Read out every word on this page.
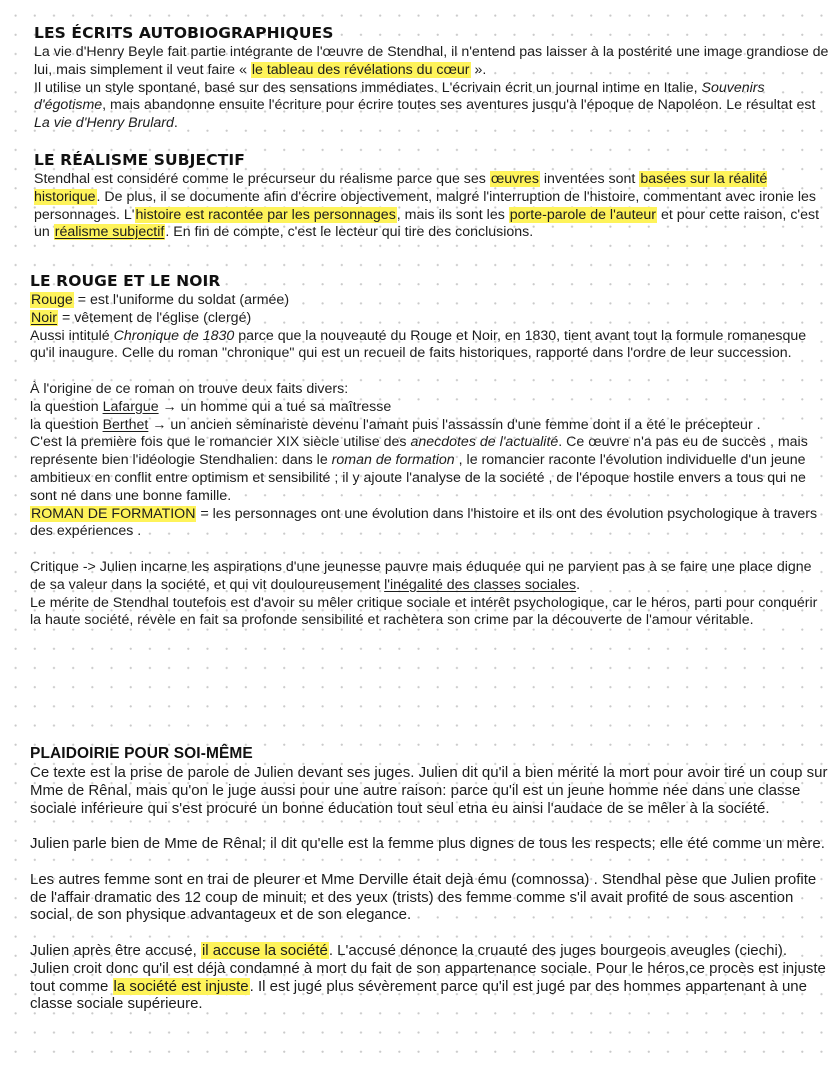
LES ÉCRITS AUTOBIOGRAPHIQUES

La vie d'Henry Beyle fait partie intégrante de l'œuvre de Stendhal, il n'entend pas laisser à la postérité une image grandiose de lui, mais simplement il veut faire « le tableau des révélations du cœur ».

Il utilise un style spontané, basé sur des sensations immédiates. L'écrivain écrit un journal intime en Italie, Souvenirs d'égotisme, mais abandonne ensuite l'écriture pour écrire toutes ses aventures jusqu'à l'époque de Napoléon. Le résultat est La vie d'Henry Brulard.

LE RÉALISME SUBJECTIF

Stendhal est considéré comme le précurseur du réalisme parce que ses œuvres inventées sont basées sur la réalité historique. De plus, il se documente afin d'écrire objectivement, malgré l'interruption de l'histoire, commentant avec ironie les personnages. L'histoire est racontée par les personnages, mais ils sont les porte-parole de l'auteur et pour cette raison, c'est un réalisme subjectif. En fin de compte, c'est le lecteur qui tire des conclusions.

LE ROUGE ET LE NOIR

Rouge = est l'uniforme du soldat (armée)

Noir = vêtement de l'église (clergé)

Aussi intitulé Chronique de 1830 parce que la nouveauté du Rouge et Noir, en 1830, tient avant tout la formule romanesque qu'il inaugure. Celle du roman "chronique" qui est un recueil de faits historiques, rapporté dans l'ordre de leur succession.

À l'origine de ce roman on trouve deux faits divers:

la question Lafargue → un homme qui a tué sa maîtresse

la question Berthet → un ancien séminariste devenu l'amant puis l'assassin d'une femme dont il a été le précepteur .

C'est la première fois que le romancier XIX siècle utilise des anecdotes de l'actualité. Ce œuvre n'a pas eu de succès , mais représente bien l'idéologie Stendhalien: dans le roman de formation , le romancier raconte l'évolution individuelle d'un jeune ambitieux en conflit entre optimism et sensibilité ; il y ajoute l'analyse de la société , de l'époque hostile envers a tous qui ne sont né dans une bonne famille.

ROMAN DE FORMATION = les personnages ont une évolution dans l'histoire et ils ont des évolution psychologique à travers des expériences .

Critique -> Julien incarne les aspirations d'une jeunesse pauvre mais éduquée qui ne parvient pas à se faire une place digne de sa valeur dans la société, et qui vit douloureusement l'inégalité des classes sociales.

Le mérite de Stendhal toutefois est d'avoir su mêler critique sociale et intérêt psychologique, car le héros, parti pour conquérir la haute société, révèle en fait sa profonde sensibilité et rachètera son crime par la découverte de l'amour véritable.

PLAIDOIRIE POUR SOI-MÊME

Ce texte est la prise de parole de Julien devant ses juges. Julien dit qu'il a bien mérité la mort pour avoir tiré un coup sur Mme de Rênal, mais qu'on le juge aussi pour une autre raison: parce qu'il est un jeune homme née dans une classe sociale inférieure qui s'est procuré un bonne éducation tout seul etna eu ainsi l'audace de se mêler à la société.

Julien parle bien de Mme de Rênal; il dit qu'elle est la femme plus dignes de tous les respects; elle été comme un mère.

Les autres femme sont en trai de pleurer et Mme Derville était dejà ému (comnossa) . Stendhal pèse que Julien profite de l'affair dramatic des 12 coup de minuit; et des yeux (trists) des femme comme s'il avait profité de sous ascention social, de son physique advantageux et de son elegance.

Julien après être accusé, il accuse la société. L'accusé dénonce la cruauté des juges bourgeois aveugles (ciechi). Julien croit donc qu'il est déjà condamné à mort du fait de son appartenance sociale. Pour le héros,ce procès est injuste tout comme la société est injuste. Il est jugé plus sévèrement parce qu'il est jugé par des hommes appartenant à une classe sociale supérieure.
